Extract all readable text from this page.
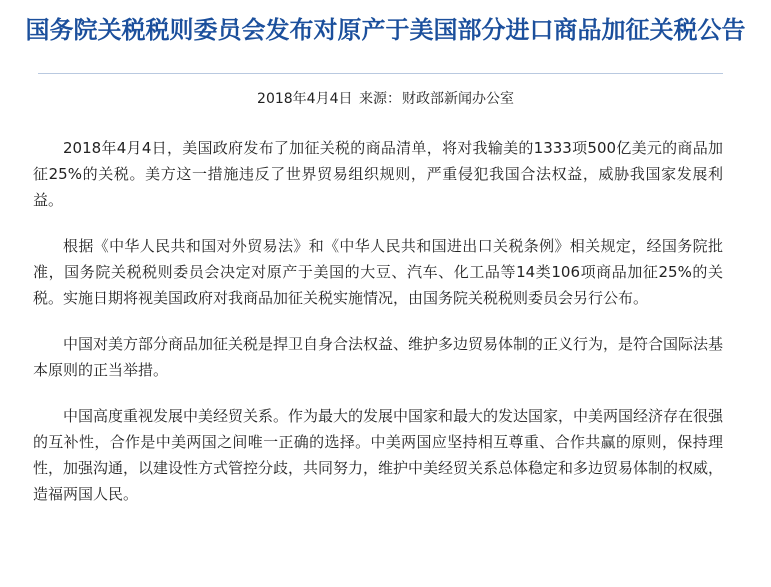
国务院关税税则委员会发布对原产于美国部分进口商品加征关税公告
2018年4月4日 来源：财政部新闻办公室

2018年4月4日，美国政府发布了加征关税的商品清单，将对我输美的1333项500亿美元的商品加征25%的关税。美方这一措施违反了世界贸易组织规则，严重侵犯我国合法权益，威胁我国家发展利益。

根据《中华人民共和国对外贸易法》和《中华人民共和国进出口关税条例》相关规定，经国务院批准，国务院关税税则委员会决定对原产于美国的大豆、汽车、化工品等14类106项商品加征25%的关税。实施日期将视美国政府对我商品加征关税实施情况，由国务院关税税则委员会另行公布。

中国对美方部分商品加征关税是捍卫自身合法权益、维护多边贸易体制的正义行为，是符合国际法基本原则的正当举措。

中国高度重视发展中美经贸关系。作为最大的发展中国家和最大的发达国家，中美两国经济存在很强的互补性，合作是中美两国之间唯一正确的选择。中美两国应坚持相互尊重、合作共赢的原则，保持理性，加强沟通，以建设性方式管控分歧，共同努力，维护中美经贸关系总体稳定和多边贸易体制的权威，造福两国人民。
